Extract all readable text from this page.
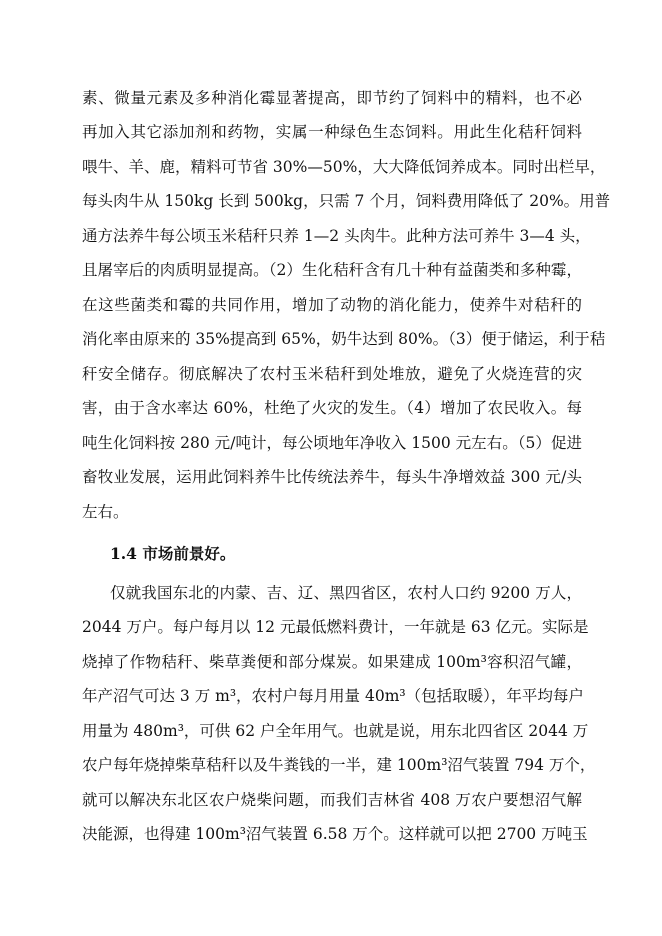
素、微量元素及多种消化霉显著提高，即节约了饲料中的精料，也不必
再加入其它添加剂和药物，实属一种绿色生态饲料。用此生化秸秆饲料
喂牛、羊、鹿，精料可节省 30%—50%，大大降低饲养成本。同时出栏早，
每头肉牛从 150kg 长到 500kg，只需 7 个月，饲料费用降低了 20%。用普
通方法养牛每公顷玉米秸秆只养 1—2 头肉牛。此种方法可养牛 3—4 头，
且屠宰后的肉质明显提高。（2）生化秸秆含有几十种有益菌类和多种霉，
在这些菌类和霉的共同作用，增加了动物的消化能力，使养牛对秸秆的
消化率由原来的 35%提高到 65%，奶牛达到 80%。（3）便于储运，利于秸
秆安全储存。彻底解决了农村玉米秸秆到处堆放，避免了火烧连营的灾
害，由于含水率达 60%，杜绝了火灾的发生。（4）增加了农民收入。每
吨生化饲料按 280 元/吨计，每公顷地年净收入 1500 元左右。（5）促进
畜牧业发展，运用此饲料养牛比传统法养牛，每头牛净增效益 300 元/头
左右。
1.4 市场前景好。
仅就我国东北的内蒙、吉、辽、黑四省区，农村人口约 9200 万人，
2044 万户。每户每月以 12 元最低燃料费计，一年就是 63 亿元。实际是
烧掉了作物秸秆、柴草粪便和部分煤炭。如果建成 100m³容积沼气罐，
年产沼气可达 3 万 m³，农村户每月用量 40m³（包括取暖），年平均每户
用量为 480m³，可供 62 户全年用气。也就是说，用东北四省区 2044 万
农户每年烧掉柴草秸秆以及牛粪钱的一半，建 100m³沼气装置 794 万个，
就可以解决东北区农户烧柴问题，而我们吉林省 408 万农户要想沼气解
决能源，也得建 100m³沼气装置 6.58 万个。这样就可以把 2700 万吨玉
